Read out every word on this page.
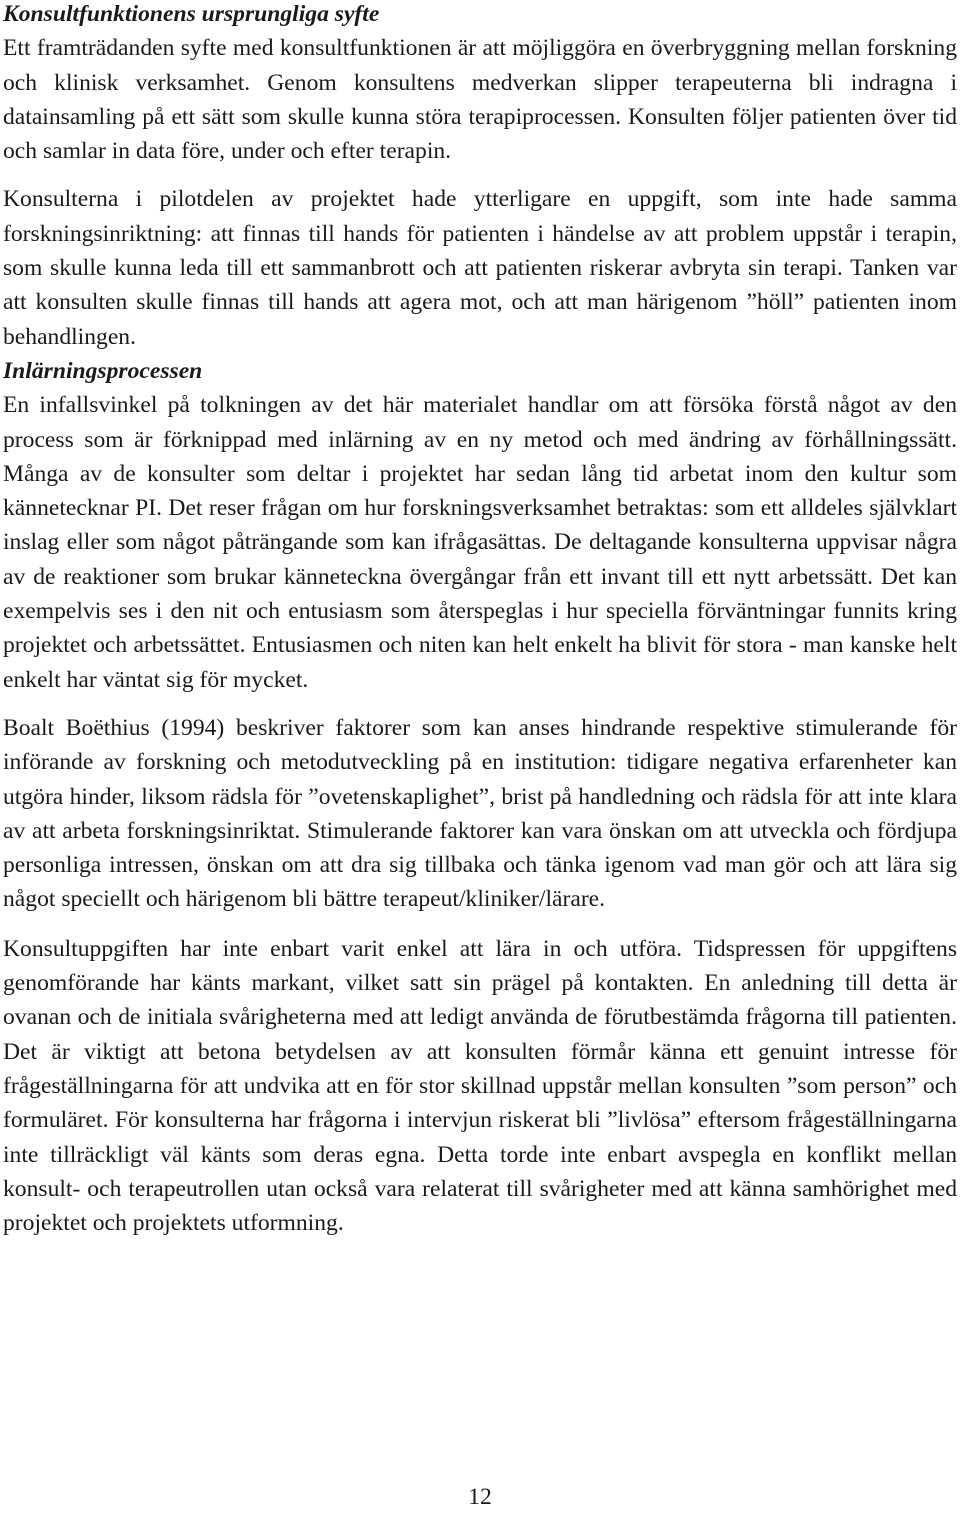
Konsultfunktionens ursprungliga syfte

Ett framträdanden syfte med konsultfunktionen är att möjliggöra en överbryggning mellan forskning och klinisk verksamhet. Genom konsultens medverkan slipper terapeuterna bli indragna i datainsamling på ett sätt som skulle kunna störa terapiprocessen. Konsulten följer patienten över tid och samlar in data före, under och efter terapin.

Konsulterna i pilotdelen av projektet hade ytterligare en uppgift, som inte hade samma forskningsinriktning: att finnas till hands för patienten i händelse av att problem uppstår i terapin, som skulle kunna leda till ett sammanbrott och att patienten riskerar avbryta sin terapi. Tanken var att konsulten skulle finnas till hands att agera mot, och att man härigenom ”höll” patienten inom behandlingen.

Inlärningsprocessen

En infallsvinkel på tolkningen av det här materialet handlar om att försöka förstå något av den process som är förknippad med inlärning av en ny metod och med ändring av förhållningssätt. Många av de konsulter som deltar i projektet har sedan lång tid arbetat inom den kultur som kännetecknar PI. Det reser frågan om hur forskningsverksamhet betraktas: som ett alldeles självklart inslag eller som något påträngande som kan ifrågasättas. De deltagande konsulterna uppvisar några av de reaktioner som brukar känneteckna övergångar från ett invant till ett nytt arbetssätt. Det kan exempelvis ses i den nit och entusiasm som återspeglas i hur speciella förväntningar funnits kring projektet och arbetssättet. Entusiasmen och niten kan helt enkelt ha blivit för stora - man kanske helt enkelt har väntat sig för mycket.

Boalt Boëthius (1994) beskriver faktorer som kan anses hindrande respektive stimulerande för införande av forskning och metodutveckling på en institution: tidigare negativa erfarenheter kan utgöra hinder, liksom rädsla för ”ovetenskaplighet”, brist på handledning och rädsla för att inte klara av att arbeta forskningsinriktat. Stimulerande faktorer kan vara önskan om att utveckla och fördjupa personliga intressen, önskan om att dra sig tillbaka och tänka igenom vad man gör och att lära sig något speciellt och härigenom bli bättre terapeut/kliniker/lärare.

Konsultuppgiften har inte enbart varit enkel att lära in och utföra. Tidspressen för uppgiftens genomförande har känts markant, vilket satt sin prägel på kontakten. En anledning till detta är ovanan och de initiala svårigheterna med att ledigt använda de förutbestämda frågorna till patienten. Det är viktigt att betona betydelsen av att konsulten förmår känna ett genuint intresse för frågeställningarna för att undvika att en för stor skillnad uppstår mellan konsulten ”som person” och formuläret. För konsulterna har frågorna i intervjun riskerat bli ”livlösa” eftersom frågeställningarna inte tillräckligt väl känts som deras egna. Detta torde inte enbart avspegla en konflikt mellan konsult- och terapeutrollen utan också vara relaterat till svårigheter med att känna samhörighet med projektet och projektets utformning.

12
